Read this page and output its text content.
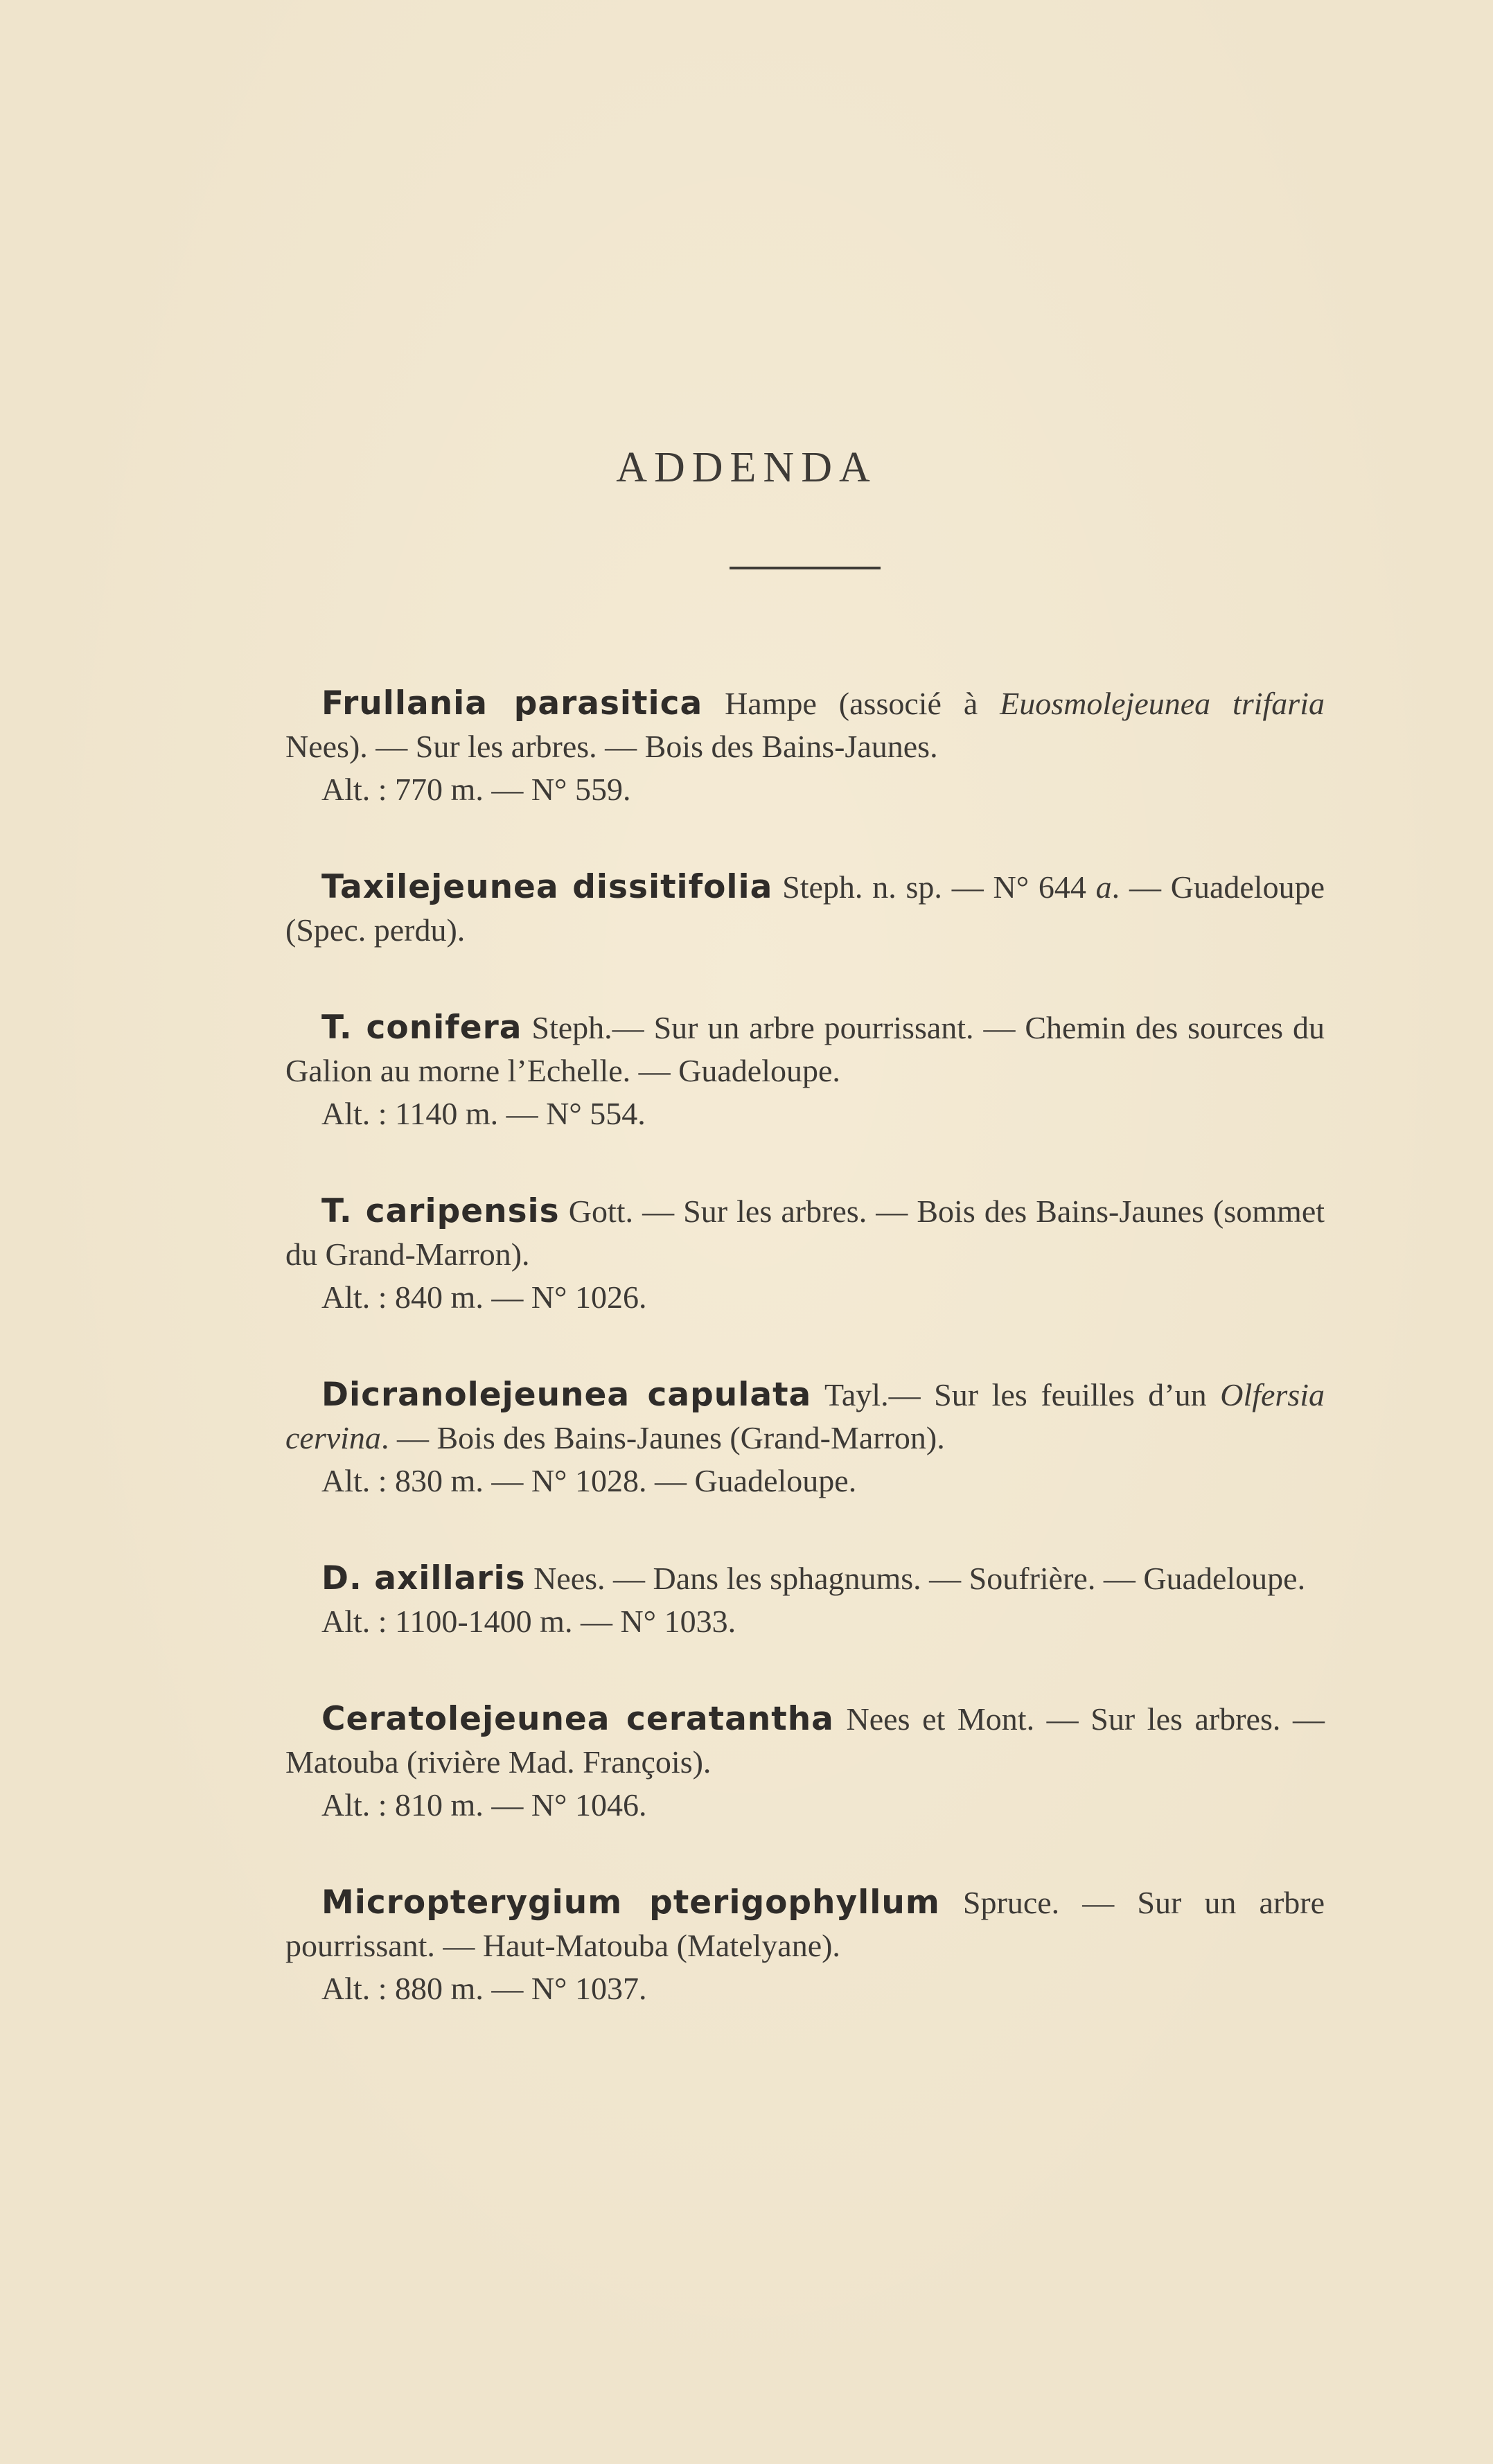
ADDENDA
Frullania parasitica Hampe (associé à Euosmolejeunea trifaria Nees). — Sur les arbres. — Bois des Bains-Jaunes.
Alt. : 770 m. — N° 559.
Taxilejeunea dissitifolia Steph. n. sp. — N° 644 a. — Guadeloupe (Spec. perdu).
T. conifera Steph.— Sur un arbre pourrissant. — Chemin des sources du Galion au morne l’Echelle. — Guadeloupe.
Alt. : 1140 m. — N° 554.
T. caripensis Gott. — Sur les arbres. — Bois des Bains-Jaunes (sommet du Grand-Marron).
Alt. : 840 m. — N° 1026.
Dicranolejeunea capulata Tayl.— Sur les feuilles d’un Olfersia cervina. — Bois des Bains-Jaunes (Grand-Marron).
Alt. : 830 m. — N° 1028. — Guadeloupe.
D. axillaris Nees. — Dans les sphagnums. — Soufrière. — Guadeloupe.
Alt. : 1100-1400 m. — N° 1033.
Ceratolejeunea ceratantha Nees et Mont. — Sur les arbres. — Matouba (rivière Mad. François).
Alt. : 810 m. — N° 1046.
Micropterygium pterigophyllum Spruce. — Sur un arbre pourrissant. — Haut-Matouba (Matelyane).
Alt. : 880 m. — N° 1037.
